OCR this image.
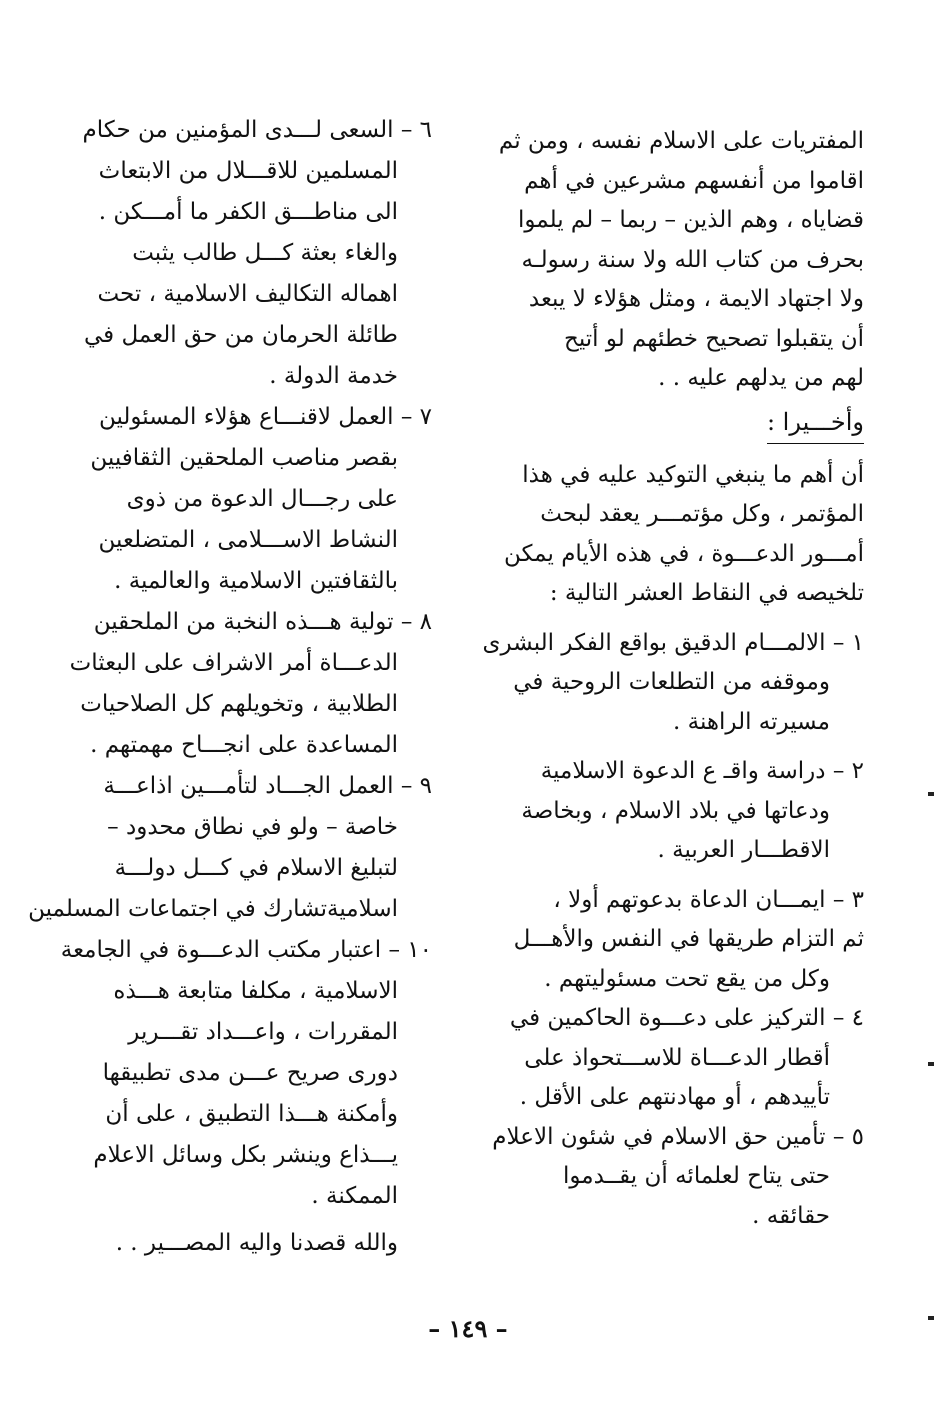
المفتريات على الاسلام نفسه ، ومن ثم
اقاموا من أنفسهم مشرعين في أهم
قضاياه ، وهم الذين – ربما – لم يلموا
بحرف من كتاب الله ولا سنة رسولـه
ولا اجتهاد الايمة ، ومثل هؤلاء لا يبعد
أن يتقبلوا تصحيح خطئهم لو أتيح
لهم من يدلهم عليه . .
وأخـــيرا :
أن أهم ما ينبغي التوكيد عليه في هذا
المؤتمر ، وكل مؤتمـــر يعقد لبحث
أمـــور الدعـــوة ، في هذه الأيام يمكن
تلخيصه في النقاط العشر التالية :
١ – الالمـــام الدقيق بواقع الفكر البشرى
وموقفه من التطلعات الروحية في
مسيرته الراهنة .
٢ – دراسة واقـ ع الدعوة الاسلامية
ودعاتها في بلاد الاسلام ، وبخاصة
الاقطـــار العربية .
٣ – ايمـــان الدعاة بدعوتهم أولا ،
ثم التزام طريقها في النفس والأهـــل
وكل من يقع تحت مسئوليتهم .
٤ – التركيز على دعـــوة الحاكمين في
أقطار الدعـــاة للاســـتحواذ على
تأييدهم ، أو مهادنتهم على الأقل .
٥ – تأمين حق الاسلام في شئون الاعلام
حتى يتاح لعلمائه أن يقــدموا
حقائقه .
٦ – السعى لـــدى المؤمنين من حكام
المسلمين للاقـــلال من الابتعاث
الى مناطـــق الكفر ما أمـــكن .
والغاء بعثة كـــل طالب يثبت
اهماله التكاليف الاسلامية ، تحت
طائلة الحرمان من حق العمل في
خدمة الدولة .
٧ – العمل لاقنـــاع هؤلاء المسئولين
بقصر مناصب الملحقين الثقافيين
على رجـــال الدعوة من ذوى
النشاط الاســـلامى ، المتضلعين
بالثقافتين الاسلامية والعالمية .
٨ – تولية هـــذه النخبة من الملحقين
الدعـــاة أمر الاشراف على البعثات
الطلابية ، وتخويلهم كل الصلاحيات
المساعدة على انجـــاح مهمتهم .
٩ – العمل الجـــاد لتأمـــين اذاعـــة
خاصة – ولو في نطاق محدود –
لتبليغ الاسلام في كـــل دولـــة
اسلاميةتشارك في اجتماعات المسلمين
١٠ – اعتبار مكتب الدعـــوة في الجامعة
الاسلامية ، مكلفا متابعة هـــذه
المقررات ، واعـــداد تقـــرير
دورى صريح عـــن مدى تطبيقها
وأمكنة هـــذا التطبيق ، على أن
يـــذاع وينشر بكل وسائل الاعلام
الممكنة .
والله قصدنا واليه المصـــير . .
– ١٤٩ –
